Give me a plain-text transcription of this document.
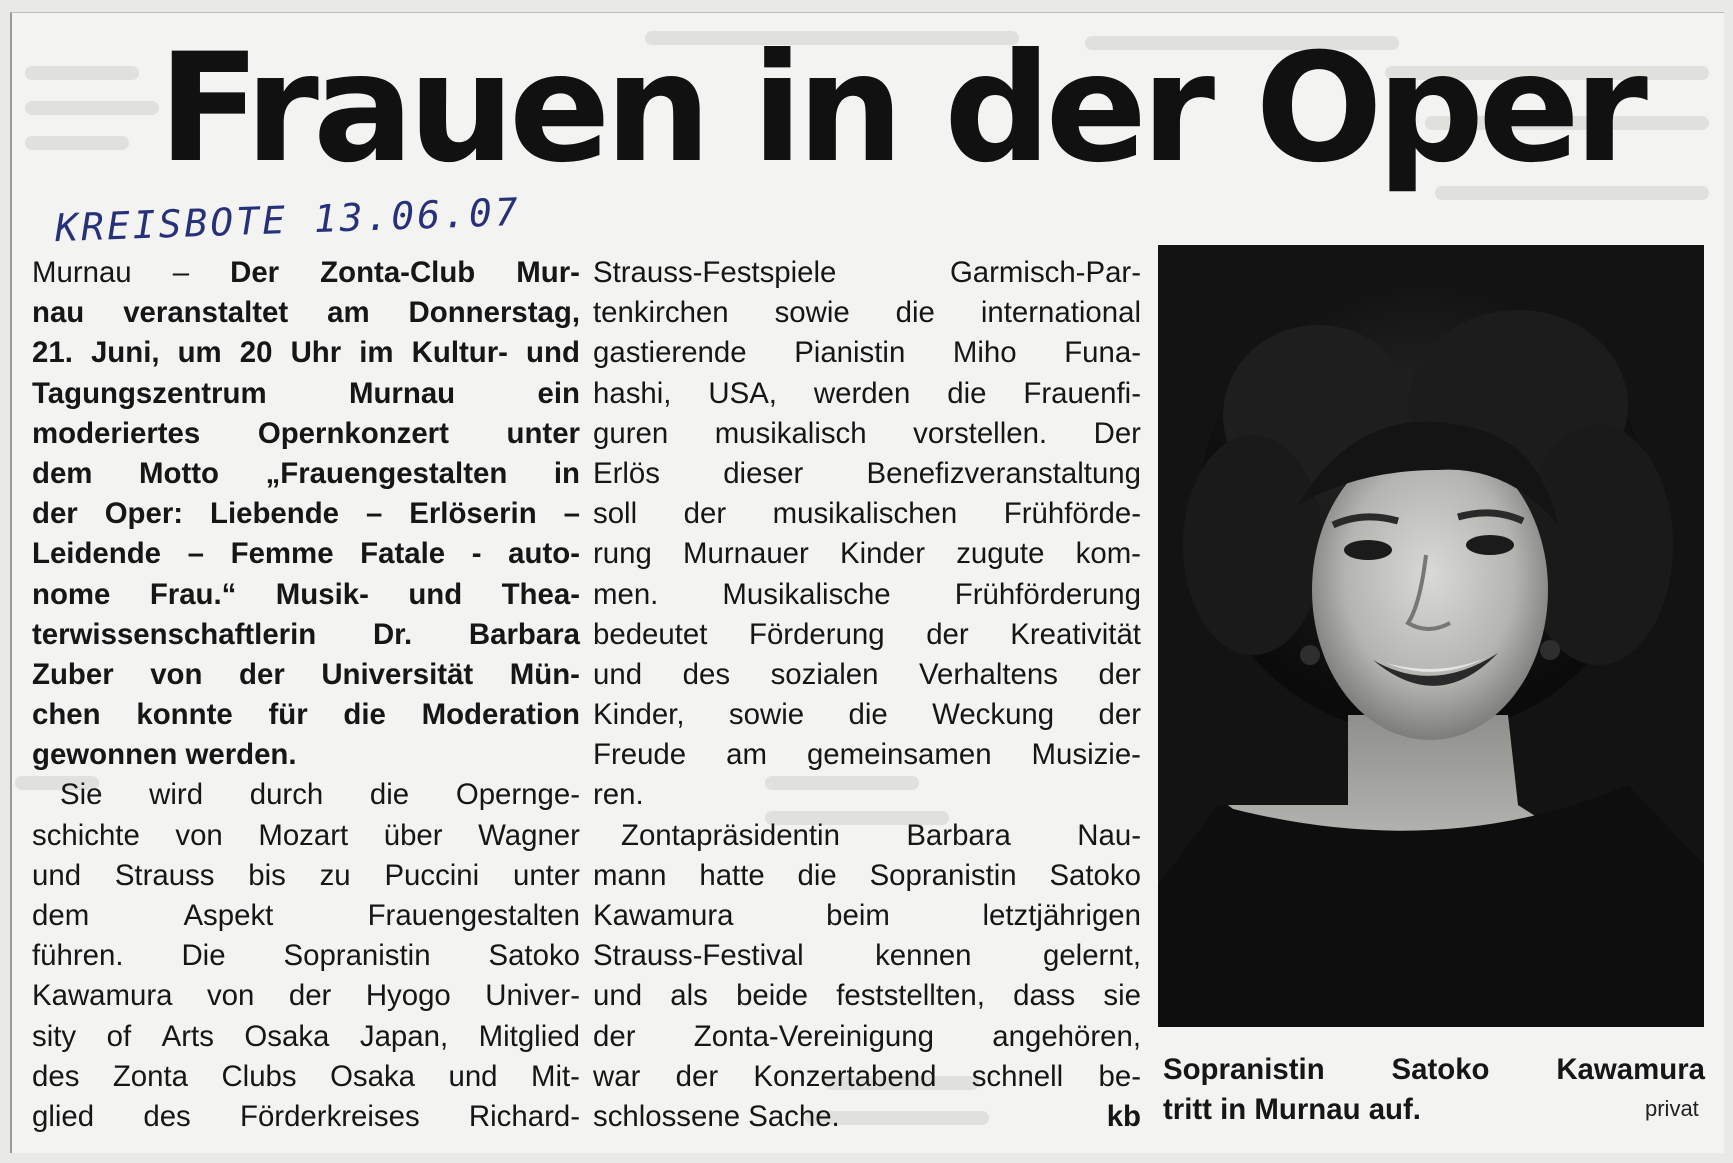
Frauen in der Oper
KREISBOTE 13.06.07
Murnau – Der Zonta-Club Mur-
nau veranstaltet am Donnerstag,
21. Juni, um 20 Uhr im Kultur- und
Tagungszentrum	Murnau	ein
moderiertes Opernkonzert unter
dem Motto „Frauengestalten in
der Oper: Liebende – Erlöserin –
Leidende – Femme Fatale - auto-
nome Frau.“ Musik- und Thea-
terwissenschaftlerin Dr. Barbara
Zuber von der Universität Mün-
chen konnte für die Moderation
gewonnen werden.
Sie wird durch die Opernge-
schichte von Mozart über Wagner
und Strauss bis zu Puccini unter
dem	Aspekt	Frauengestalten
führen. Die Sopranistin Satoko
Kawamura von der Hyogo Univer-
sity of Arts Osaka Japan, Mitglied
des Zonta Clubs Osaka und Mit-
glied des Förderkreises Richard-
Strauss-Festspiele	Garmisch-Par-
tenkirchen sowie die international
gastierende Pianistin Miho Funa-
hashi, USA, werden die Frauenfi-
guren musikalisch vorstellen. Der
Erlös dieser Benefizveranstaltung
soll der musikalischen Frühförde-
rung Murnauer Kinder zugute kom-
men. Musikalische Frühförderung
bedeutet Förderung der Kreativität
und des sozialen Verhaltens der
Kinder, sowie die Weckung der
Freude am gemeinsamen Musizie-
ren.
Zontapräsidentin Barbara Nau-
mann hatte die Sopranistin Satoko
Kawamura	beim	letztjährigen
Strauss-Festival kennen gelernt,
und als beide feststellten, dass sie
der Zonta-Vereinigung angehören,
war der Konzertabend schnell be-
schlossene Sache.	kb
Sopranistin Satoko Kawamura
tritt in Murnau auf.	privat
